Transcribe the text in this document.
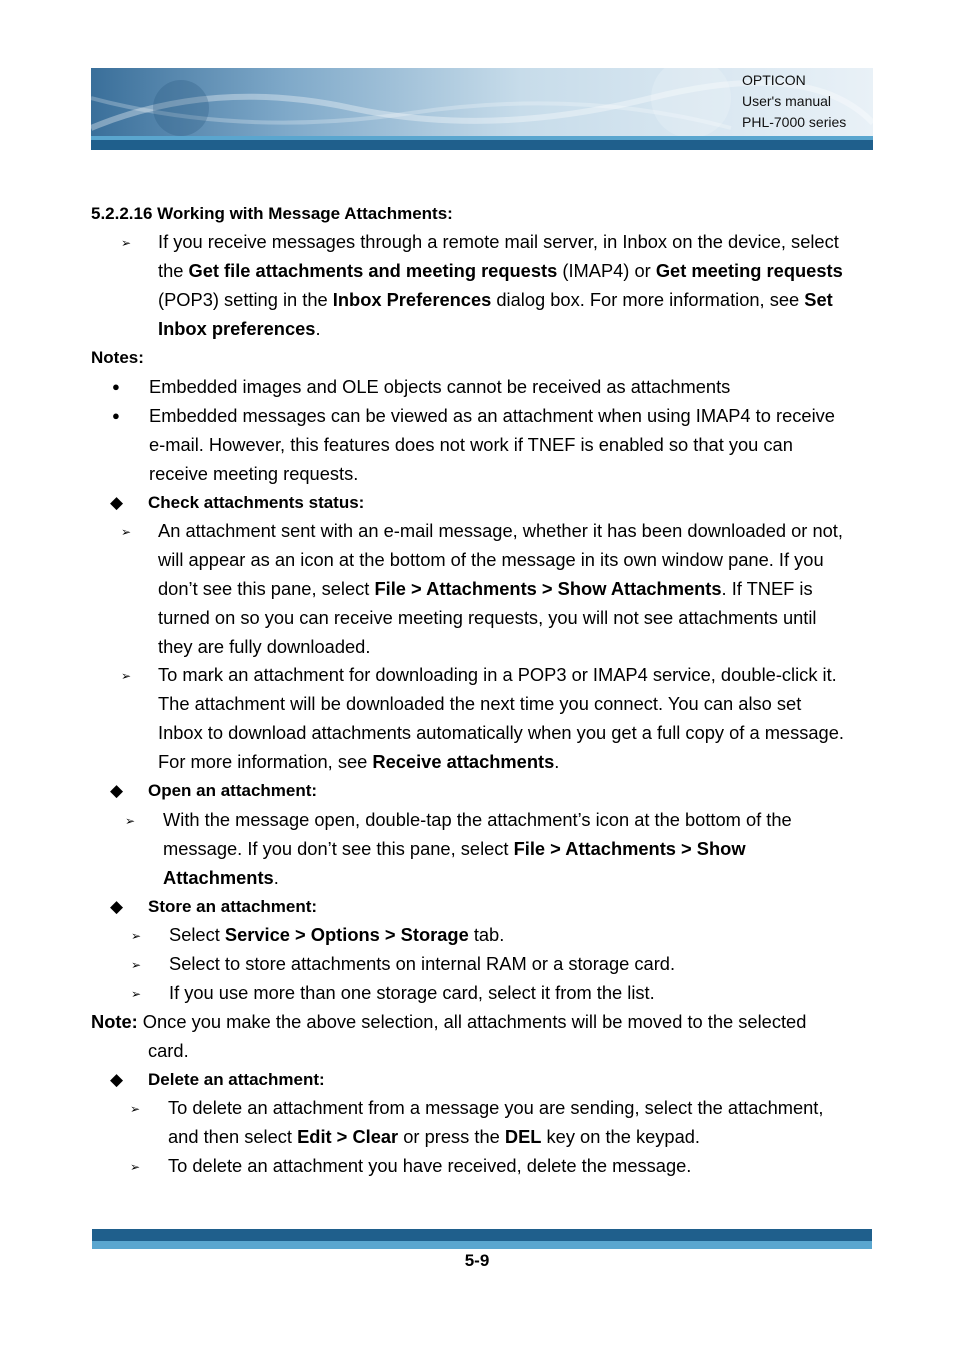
OPTICON
User's manual
PHL-7000 series
5.2.2.16 Working with Message Attachments:
➢ If you receive messages through a remote mail server, in Inbox on the device, select
the Get file attachments and meeting requests (IMAP4) or Get meeting requests
(POP3) setting in the Inbox Preferences dialog box. For more information, see Set
Inbox preferences.
Notes:
● Embedded images and OLE objects cannot be received as attachments
● Embedded messages can be viewed as an attachment when using IMAP4 to receive
e-mail. However, this features does not work if TNEF is enabled so that you can
receive meeting requests.
◆ Check attachments status:
➢ An attachment sent with an e-mail message, whether it has been downloaded or not,
will appear as an icon at the bottom of the message in its own window pane. If you
don’t see this pane, select File > Attachments > Show Attachments. If TNEF is
turned on so you can receive meeting requests, you will not see attachments until
they are fully downloaded.
➢ To mark an attachment for downloading in a POP3 or IMAP4 service, double-click it.
The attachment will be downloaded the next time you connect. You can also set
Inbox to download attachments automatically when you get a full copy of a message.
For more information, see Receive attachments.
◆ Open an attachment:
➢ With the message open, double-tap the attachment’s icon at the bottom of the
message. If you don’t see this pane, select File > Attachments > Show
Attachments.
◆ Store an attachment:
➢ Select Service > Options > Storage tab.
➢ Select to store attachments on internal RAM or a storage card.
➢ If you use more than one storage card, select it from the list.
Note: Once you make the above selection, all attachments will be moved to the selected
card.
◆ Delete an attachment:
➢ To delete an attachment from a message you are sending, select the attachment,
and then select Edit > Clear or press the DEL key on the keypad.
➢ To delete an attachment you have received, delete the message.
5-9
